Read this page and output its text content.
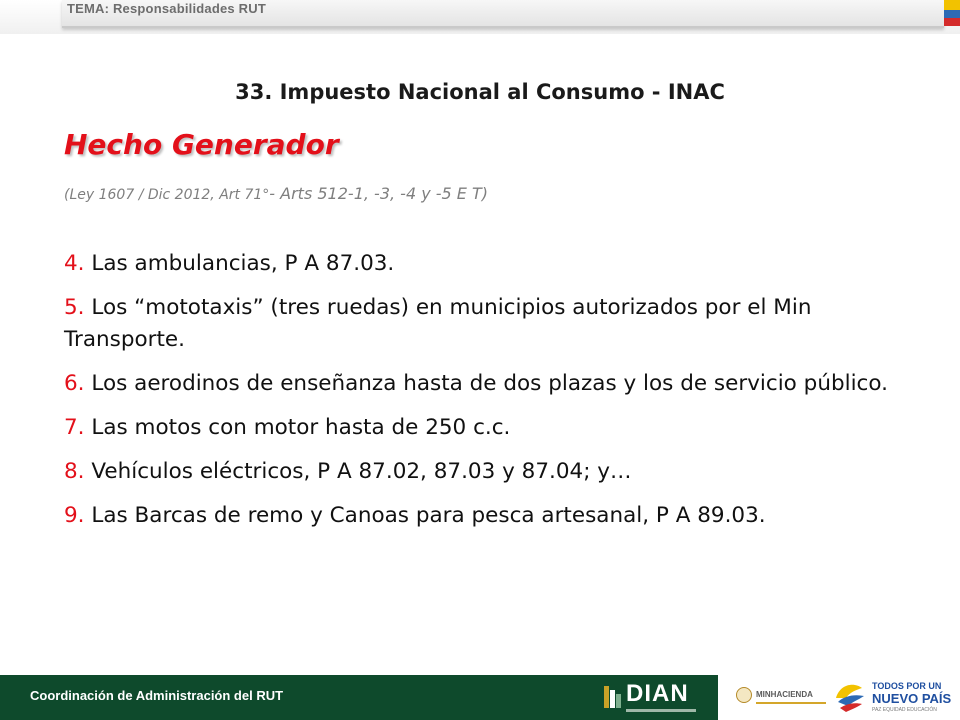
TEMA: Responsabilidades RUT
33. Impuesto Nacional al Consumo - INAC
Hecho Generador
(Ley 1607 / Dic 2012, Art 71°- Arts 512-1, -3, -4 y -5 E T)
4. Las ambulancias, P A 87.03.
5. Los “mototaxis” (tres ruedas) en municipios autorizados por el Min Transporte.
6. Los aerodinos de enseñanza hasta de dos plazas y los de servicio público.
7. Las motos con motor hasta de 250 c.c.
8. Vehículos eléctricos, P A 87.02, 87.03 y 87.04; y…
9. Las Barcas de remo y Canoas para pesca artesanal, P A 89.03.
Coordinación de Administración del RUT	DIAN	MINHACIENDA
TODOS POR UN
NUEVO PAÍS
PAZ EQUIDAD EDUCACIÓN
